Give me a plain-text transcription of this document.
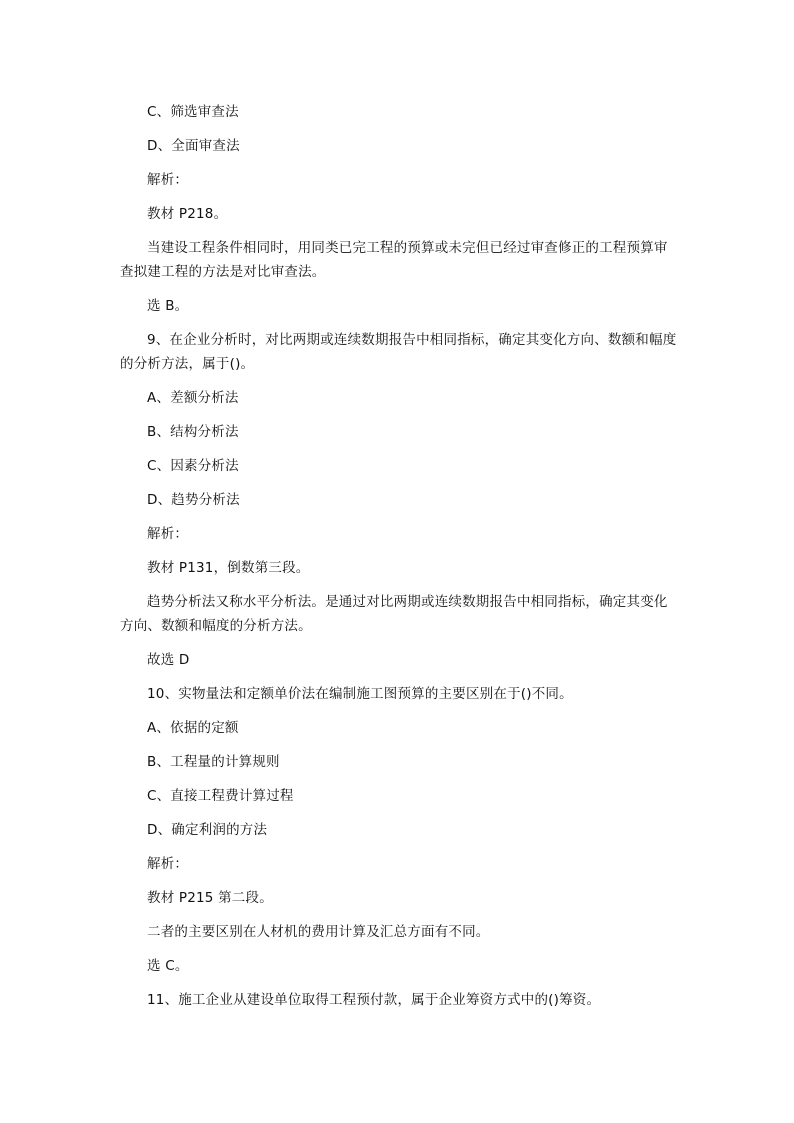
C、筛选审查法
D、全面审查法
解析：
教材 P218。
当建设工程条件相同时，用同类已完工程的预算或未完但已经过审查修正的工程预算审查拟建工程的方法是对比审查法。
选 B。
9、在企业分析时，对比两期或连续数期报告中相同指标，确定其变化方向、数额和幅度的分析方法，属于()。
A、差额分析法
B、结构分析法
C、因素分析法
D、趋势分析法
解析：
教材 P131，倒数第三段。
趋势分析法又称水平分析法。是通过对比两期或连续数期报告中相同指标，确定其变化方向、数额和幅度的分析方法。
故选 D
10、实物量法和定额单价法在编制施工图预算的主要区别在于()不同。
A、依据的定额
B、工程量的计算规则
C、直接工程费计算过程
D、确定利润的方法
解析：
教材 P215 第二段。
二者的主要区别在人材机的费用计算及汇总方面有不同。
选 C。
11、施工企业从建设单位取得工程预付款，属于企业筹资方式中的()筹资。
